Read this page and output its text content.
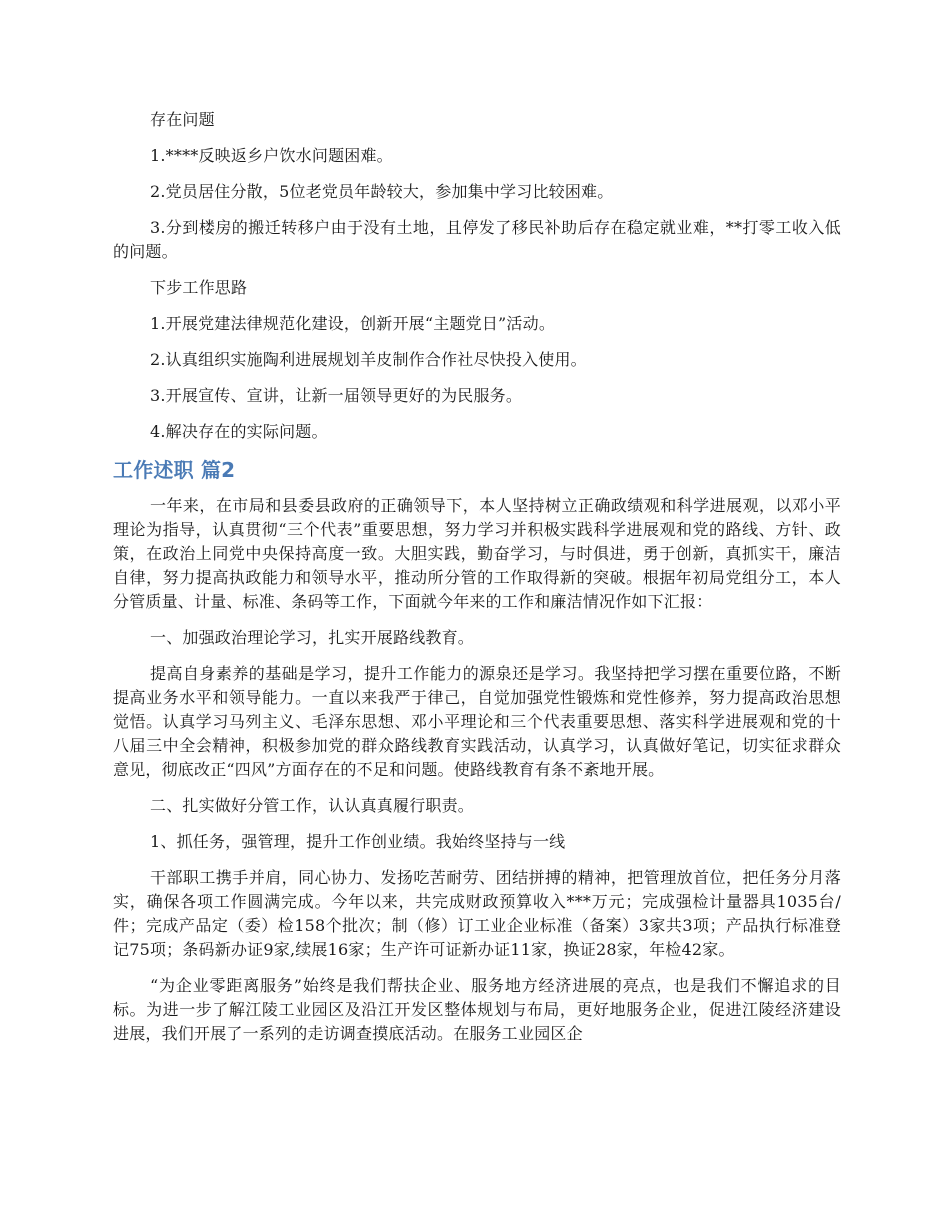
存在问题

1.****反映返乡户饮水问题困难。

2.党员居住分散，5位老党员年龄较大，参加集中学习比较困难。

3.分到楼房的搬迁转移户由于没有土地，且停发了移民补助后存在稳定就业难，**打零工收入低的问题。

下步工作思路

1.开展党建法律规范化建设，创新开展“主题党日”活动。

2.认真组织实施陶利进展规划羊皮制作合作社尽快投入使用。

3.开展宣传、宣讲，让新一届领导更好的为民服务。

4.解决存在的实际问题。

工作述职 篇2

一年来，在市局和县委县政府的正确领导下，本人坚持树立正确政绩观和科学进展观，以邓小平理论为指导，认真贯彻“三个代表”重要思想，努力学习并积极实践科学进展观和党的路线、方针、政策，在政治上同党中央保持高度一致。大胆实践，勤奋学习，与时俱进，勇于创新，真抓实干，廉洁自律，努力提高执政能力和领导水平，推动所分管的工作取得新的突破。根据年初局党组分工，本人分管质量、计量、标准、条码等工作，下面就今年来的工作和廉洁情况作如下汇报：

一、加强政治理论学习，扎实开展路线教育。

提高自身素养的基础是学习，提升工作能力的源泉还是学习。我坚持把学习摆在重要位路，不断提高业务水平和领导能力。一直以来我严于律己，自觉加强党性锻炼和党性修养，努力提高政治思想觉悟。认真学习马列主义、毛泽东思想、邓小平理论和三个代表重要思想、落实科学进展观和党的十八届三中全会精神，积极参加党的群众路线教育实践活动，认真学习，认真做好笔记，切实征求群众意见，彻底改正“四风”方面存在的不足和问题。使路线教育有条不紊地开展。

二、扎实做好分管工作，认认真真履行职责。

1、抓任务，强管理，提升工作创业绩。我始终坚持与一线

干部职工携手并肩，同心协力、发扬吃苦耐劳、团结拼搏的精神，把管理放首位，把任务分月落实，确保各项工作圆满完成。今年以来，共完成财政预算收入***万元；完成强检计量器具1035台/件；完成产品定（委）检158个批次；制（修）订工业企业标准（备案）3家共3项；产品执行标准登记75项；条码新办证9家,续展16家；生产许可证新办证11家，换证28家，年检42家。

“为企业零距离服务”始终是我们帮扶企业、服务地方经济进展的亮点，也是我们不懈追求的目标。为进一步了解江陵工业园区及沿江开发区整体规划与布局，更好地服务企业，促进江陵经济建设进展，我们开展了一系列的走访调查摸底活动。在服务工业园区企
